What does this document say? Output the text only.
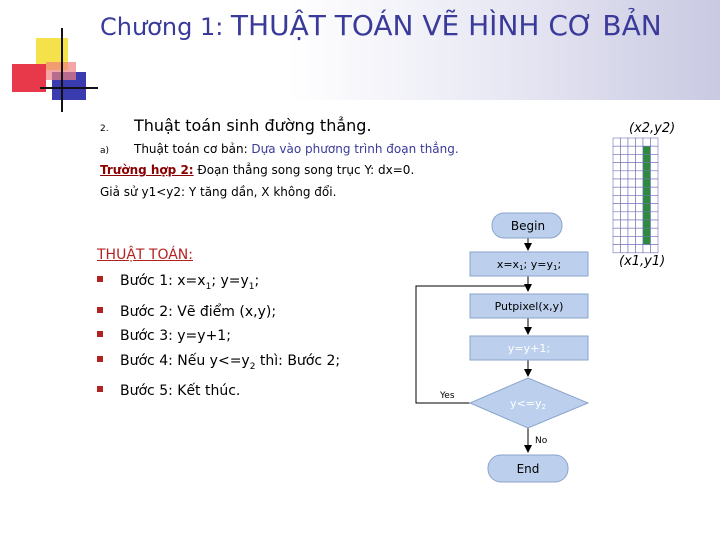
Chương 1: THUẬT TOÁN VẼ HÌNH CƠ BẢN
2. Thuật toán sinh đường thẳng.
a) Thuật toán cơ bản: Dựa vào phương trình đoạn thẳng.
Trường hợp 2: Đoạn thẳng song song trục Y: dx=0.
Giả sử y1<y2: Y tăng dần, X không đổi.
THUẬT TOÁN:
Bước 1: $x=x_1$; $y=y_1$;
Bước 2: Vẽ điểm (x,y);
Bước 3: y=y+1;
Bước 4: Nếu $y<=y_2$ thì: Bước 2;
Bước 5: Kết thúc.
Begin
x=x1; y=y1;
Putpixel(x,y)
y=y+1;
y<=y2
Yes
No
End
(x2,y2)
(x1,y1)
